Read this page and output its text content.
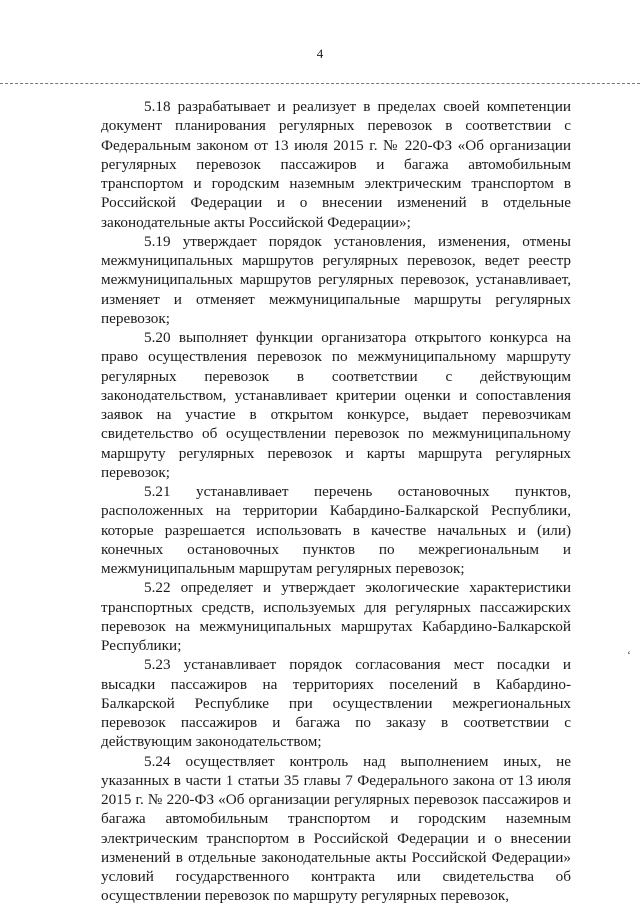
4

5.18 разрабатывает и реализует в пределах своей компетенции документ планирования регулярных перевозок в соответствии с Федеральным законом от 13 июля 2015 г. № 220-ФЗ «Об организации регулярных перевозок пассажиров и багажа автомобильным транспортом и городским наземным электрическим транспортом в Российской Федерации и о внесении изменений в отдельные законодательные акты Российской Федерации»;

5.19 утверждает порядок установления, изменения, отмены межмуниципальных маршрутов регулярных перевозок, ведет реестр межмуниципальных маршрутов регулярных перевозок, устанавливает, изменяет и отменяет межмуниципальные маршруты регулярных перевозок;

5.20 выполняет функции организатора открытого конкурса на право осуществления перевозок по межмуниципальному маршруту регулярных перевозок в соответствии с действующим законодательством, устанавливает критерии оценки и сопоставления заявок на участие в открытом конкурсе, выдает перевозчикам свидетельство об осуществлении перевозок по межмуниципальному маршруту регулярных перевозок и карты маршрута регулярных перевозок;

5.21 устанавливает перечень остановочных пунктов, расположенных на территории Кабардино-Балкарской Республики, которые разрешается использовать в качестве начальных и (или) конечных остановочных пунктов по межрегиональным и межмуниципальным маршрутам регулярных перевозок;

5.22 определяет и утверждает экологические характеристики транспортных средств, используемых для регулярных пассажирских перевозок на межмуниципальных маршрутах Кабардино-Балкарской Республики;

5.23 устанавливает порядок согласования мест посадки и высадки пассажиров на территориях поселений в Кабардино-Балкарской Республике при осуществлении межрегиональных перевозок пассажиров и багажа по заказу в соответствии с действующим законодательством;

5.24 осуществляет контроль над выполнением иных, не указанных в части 1 статьи 35 главы 7 Федерального закона от 13 июля 2015 г. № 220-ФЗ «Об организации регулярных перевозок пассажиров и багажа автомобильным транспортом и городским наземным электрическим транспортом в Российской Федерации и о внесении изменений в отдельные законодательные акты Российской Федерации» условий государственного контракта или свидетельства об осуществлении перевозок по маршруту регулярных перевозок,

ʻ
